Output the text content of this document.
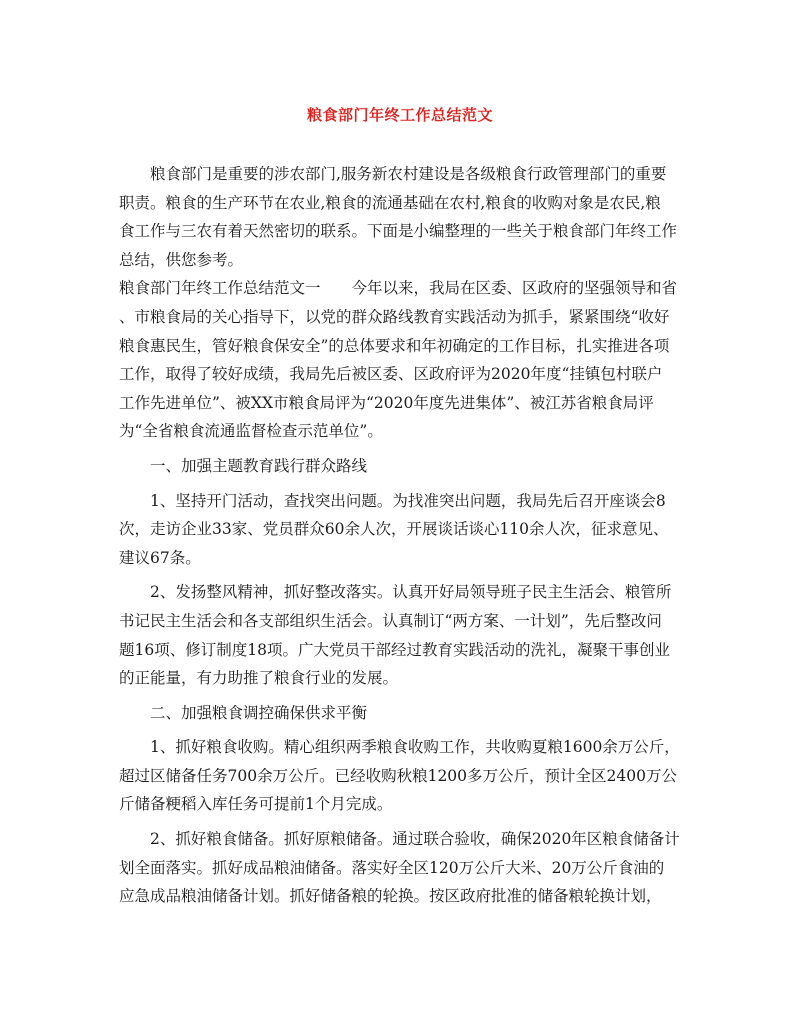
粮食部门年终工作总结范文
　　粮食部门是重要的涉农部门,服务新农村建设是各级粮食行政管理部门的重要
职责。粮食的生产环节在农业,粮食的流通基础在农村,粮食的收购对象是农民,粮
食工作与三农有着天然密切的联系。下面是小编整理的一些关于粮食部门年终工作
总结，供您参考。
粮食部门年终工作总结范文一　　今年以来，我局在区委、区政府的坚强领导和省
、市粮食局的关心指导下，以党的群众路线教育实践活动为抓手，紧紧围绕“收好
粮食惠民生，管好粮食保安全”的总体要求和年初确定的工作目标，扎实推进各项
工作，取得了较好成绩，我局先后被区委、区政府评为2020年度“挂镇包村联户
工作先进单位”、被XX市粮食局评为“2020年度先进集体”、被江苏省粮食局评
为“全省粮食流通监督检查示范单位”。
　　一、加强主题教育践行群众路线
　　1、坚持开门活动，查找突出问题。为找准突出问题，我局先后召开座谈会8
次，走访企业33家、党员群众60余人次，开展谈话谈心110余人次，征求意见、
建议67条。
　　2、发扬整风精神，抓好整改落实。认真开好局领导班子民主生活会、粮管所
书记民主生活会和各支部组织生活会。认真制订“两方案、一计划”，先后整改问
题16项、修订制度18项。广大党员干部经过教育实践活动的洗礼，凝聚干事创业
的正能量，有力助推了粮食行业的发展。
　　二、加强粮食调控确保供求平衡
　　1、抓好粮食收购。精心组织两季粮食收购工作，共收购夏粮1600余万公斤，
超过区储备任务700余万公斤。已经收购秋粮1200多万公斤，预计全区2400万公
斤储备粳稻入库任务可提前1个月完成。
　　2、抓好粮食储备。抓好原粮储备。通过联合验收，确保2020年区粮食储备计
划全面落实。抓好成品粮油储备。落实好全区120万公斤大米、20万公斤食油的
应急成品粮油储备计划。抓好储备粮的轮换。按区政府批准的储备粮轮换计划，
